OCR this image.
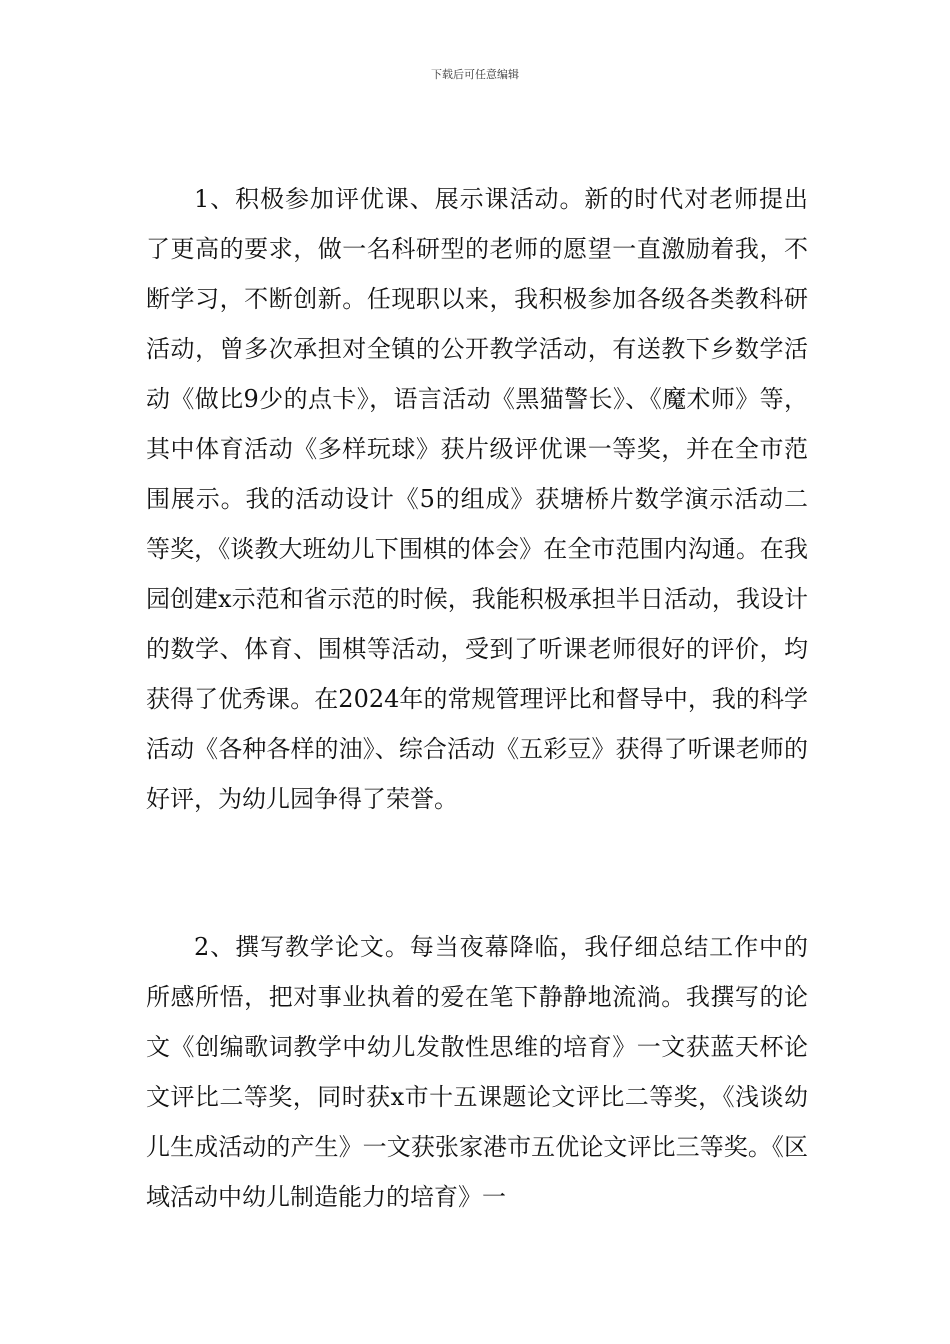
下载后可任意编辑

1、积极参加评优课、展示课活动。新的时代对老师提出了更高的要求，做一名科研型的老师的愿望一直激励着我，不断学习，不断创新。任现职以来，我积极参加各级各类教科研活动，曾多次承担对全镇的公开教学活动，有送教下乡数学活动《做比9少的点卡》，语言活动《黑猫警长》、《魔术师》等，其中体育活动《多样玩球》获片级评优课一等奖，并在全市范围展示。我的活动设计《5的组成》获塘桥片数学演示活动二等奖，《谈教大班幼儿下围棋的体会》在全市范围内沟通。在我园创建x示范和省示范的时候，我能积极承担半日活动，我设计的数学、体育、围棋等活动，受到了听课老师很好的评价，均获得了优秀课。在2024年的常规管理评比和督导中，我的科学活动《各种各样的油》、综合活动《五彩豆》获得了听课老师的好评，为幼儿园争得了荣誉。

2、撰写教学论文。每当夜幕降临，我仔细总结工作中的所感所悟，把对事业执着的爱在笔下静静地流淌。我撰写的论文《创编歌词教学中幼儿发散性思维的培育》一文获蓝天杯论文评比二等奖，同时获x市十五课题论文评比二等奖，《浅谈幼儿生成活动的产生》一文获张家港市五优论文评比三等奖。《区域活动中幼儿制造能力的培育》一
